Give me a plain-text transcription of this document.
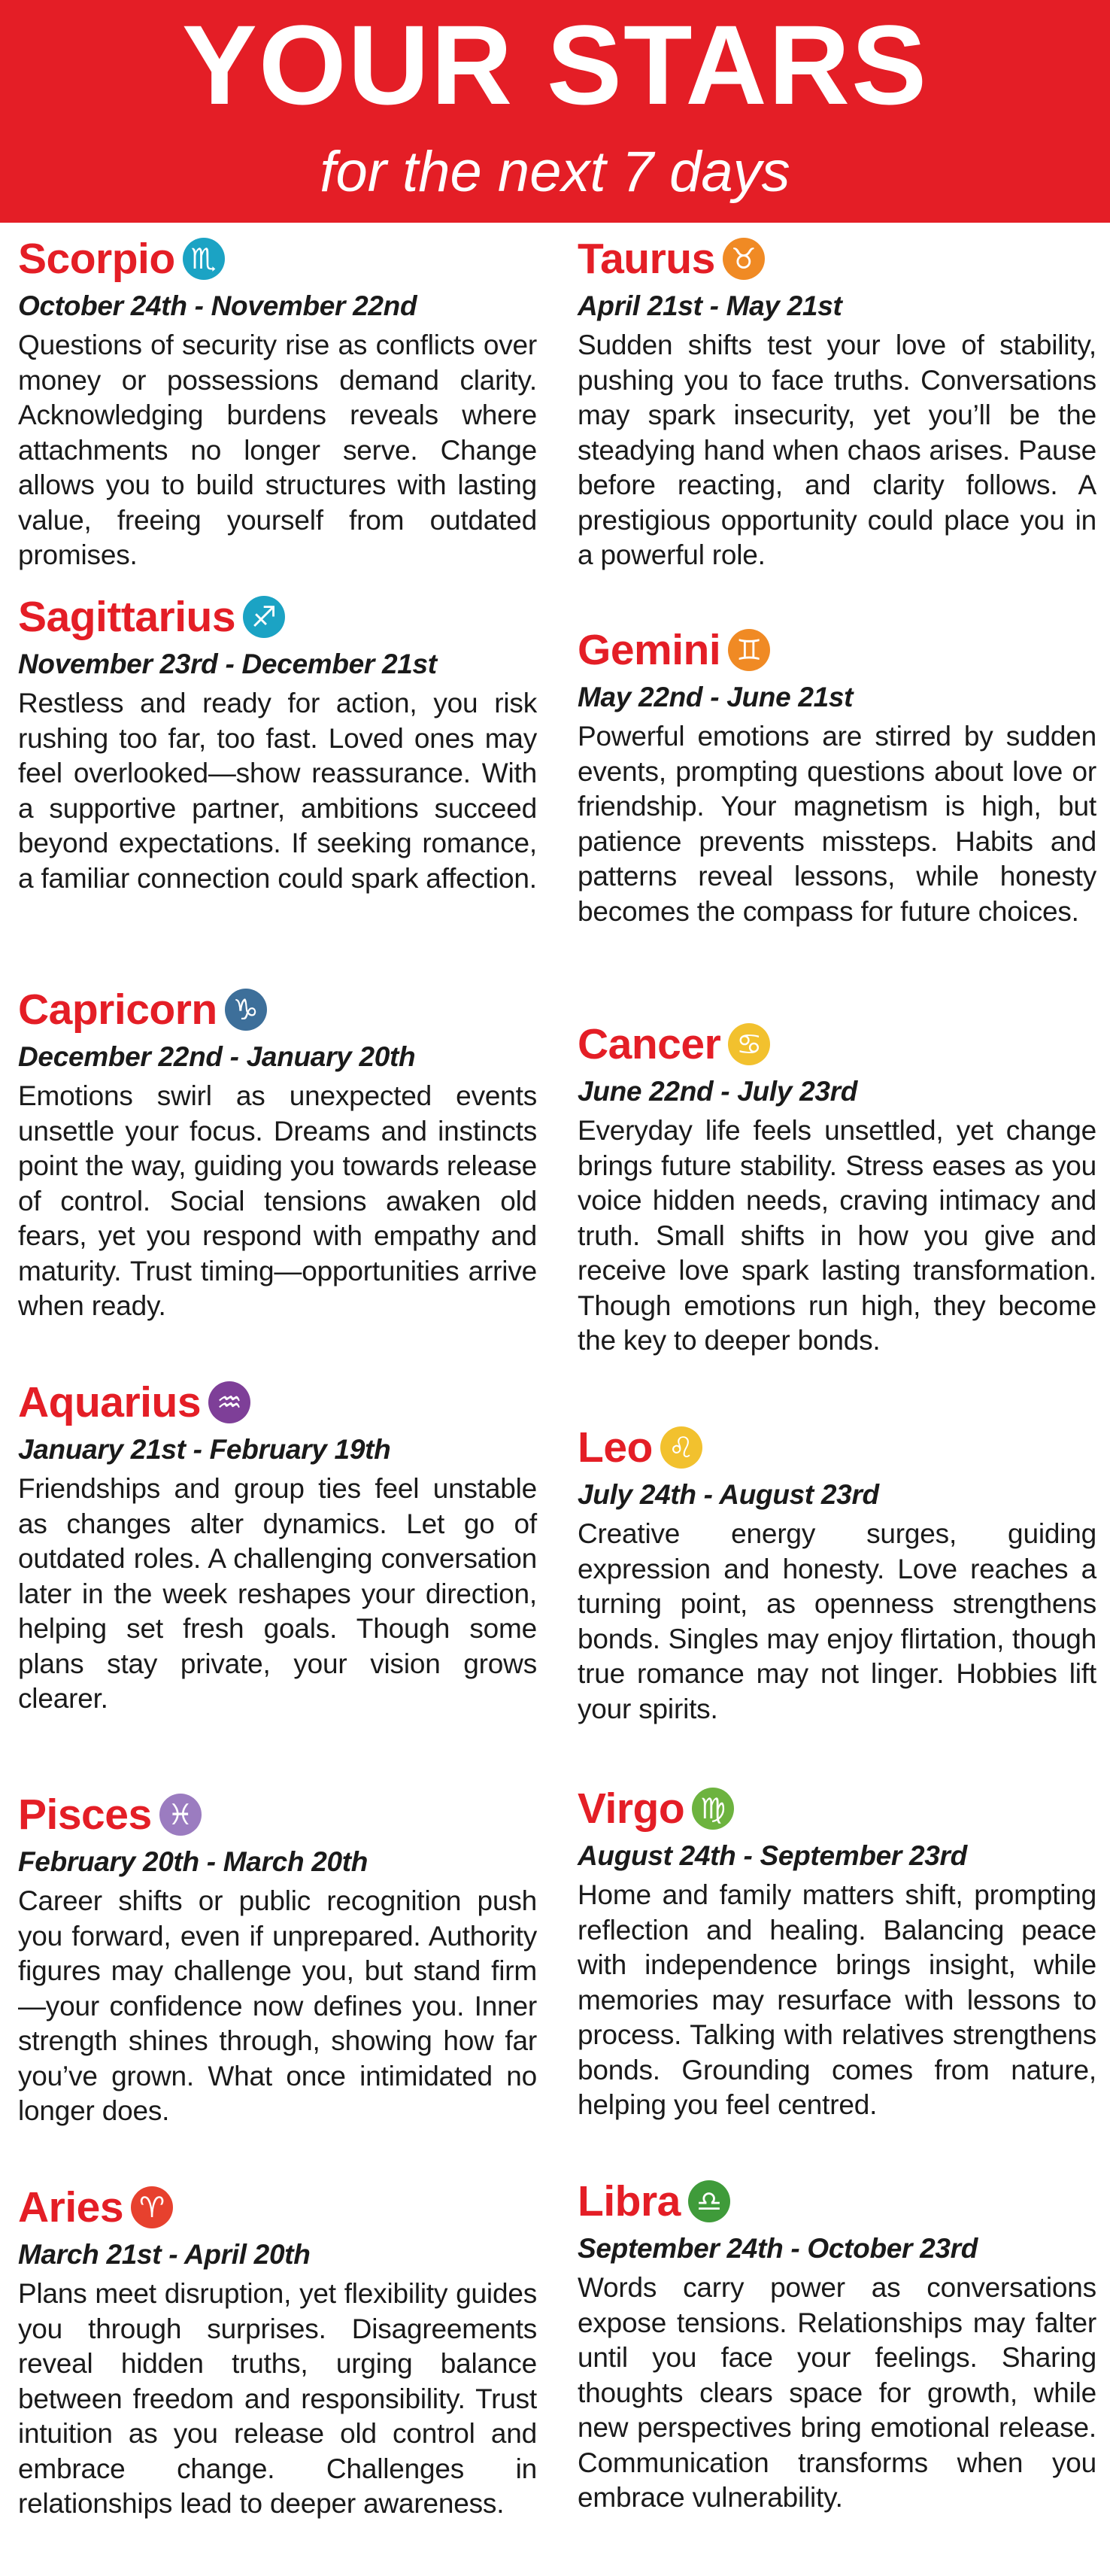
YOUR STARS
for the next 7 days
Scorpio ♏
October 24th - November 22nd

Questions of security rise as conflicts over money or possessions demand clarity. Acknowledging burdens reveals where attachments no longer serve. Change allows you to build structures with lasting value, freeing yourself from outdated promises.

Sagittarius ♐
November 23rd - December 21st

Restless and ready for action, you risk rushing too far, too fast. Loved ones may feel overlooked—show reassurance. With a supportive partner, ambitions succeed beyond expectations. If seeking romance, a familiar connection could spark affection.

Capricorn ♑
December 22nd - January 20th

Emotions swirl as unexpected events unsettle your focus. Dreams and instincts point the way, guiding you towards release of control. Social tensions awaken old fears, yet you respond with empathy and maturity. Trust timing—opportunities arrive when ready.

Aquarius ♒
January 21st - February 19th

Friendships and group ties feel unstable as changes alter dynamics. Let go of outdated roles. A challenging conversation later in the week reshapes your direction, helping set fresh goals. Though some plans stay private, your vision grows clearer.

Pisces ♓
February 20th - March 20th

Career shifts or public recognition push you forward, even if unprepared. Authority figures may challenge you, but stand firm—your confidence now defines you. Inner strength shines through, showing how far you’ve grown. What once intimidated no longer does.

Aries ♈
March 21st - April 20th

Plans meet disruption, yet flexibility guides you through surprises. Disagreements reveal hidden truths, urging balance between freedom and responsibility. Trust intuition as you release old control and embrace change. Challenges in relationships lead to deeper awareness.

Taurus ♉
April 21st - May 21st

Sudden shifts test your love of stability, pushing you to face truths. Conversations may spark insecurity, yet you’ll be the steadying hand when chaos arises. Pause before reacting, and clarity follows. A prestigious opportunity could place you in a powerful role.

Gemini ♊
May 22nd - June 21st

Powerful emotions are stirred by sudden events, prompting questions about love or friendship. Your magnetism is high, but patience prevents missteps. Habits and patterns reveal lessons, while honesty becomes the compass for future choices.

Cancer ♋
June 22nd - July 23rd

Everyday life feels unsettled, yet change brings future stability. Stress eases as you voice hidden needs, craving intimacy and truth. Small shifts in how you give and receive love spark lasting transformation. Though emotions run high, they become the key to deeper bonds.

Leo ♌
July 24th - August 23rd

Creative energy surges, guiding expression and honesty. Love reaches a turning point, as openness strengthens bonds. Singles may enjoy flirtation, though true romance may not linger. Hobbies lift your spirits.

Virgo ♍
August 24th - September 23rd

Home and family matters shift, prompting reflection and healing. Balancing peace with independence brings insight, while memories may resurface with lessons to process. Talking with relatives strengthens bonds. Grounding comes from nature, helping you feel centred.

Libra ♎
September 24th - October 23rd

Words carry power as conversations expose tensions. Relationships may falter until you face your feelings. Sharing thoughts clears space for growth, while new perspectives bring emotional release. Communication transforms when you embrace vulnerability.
